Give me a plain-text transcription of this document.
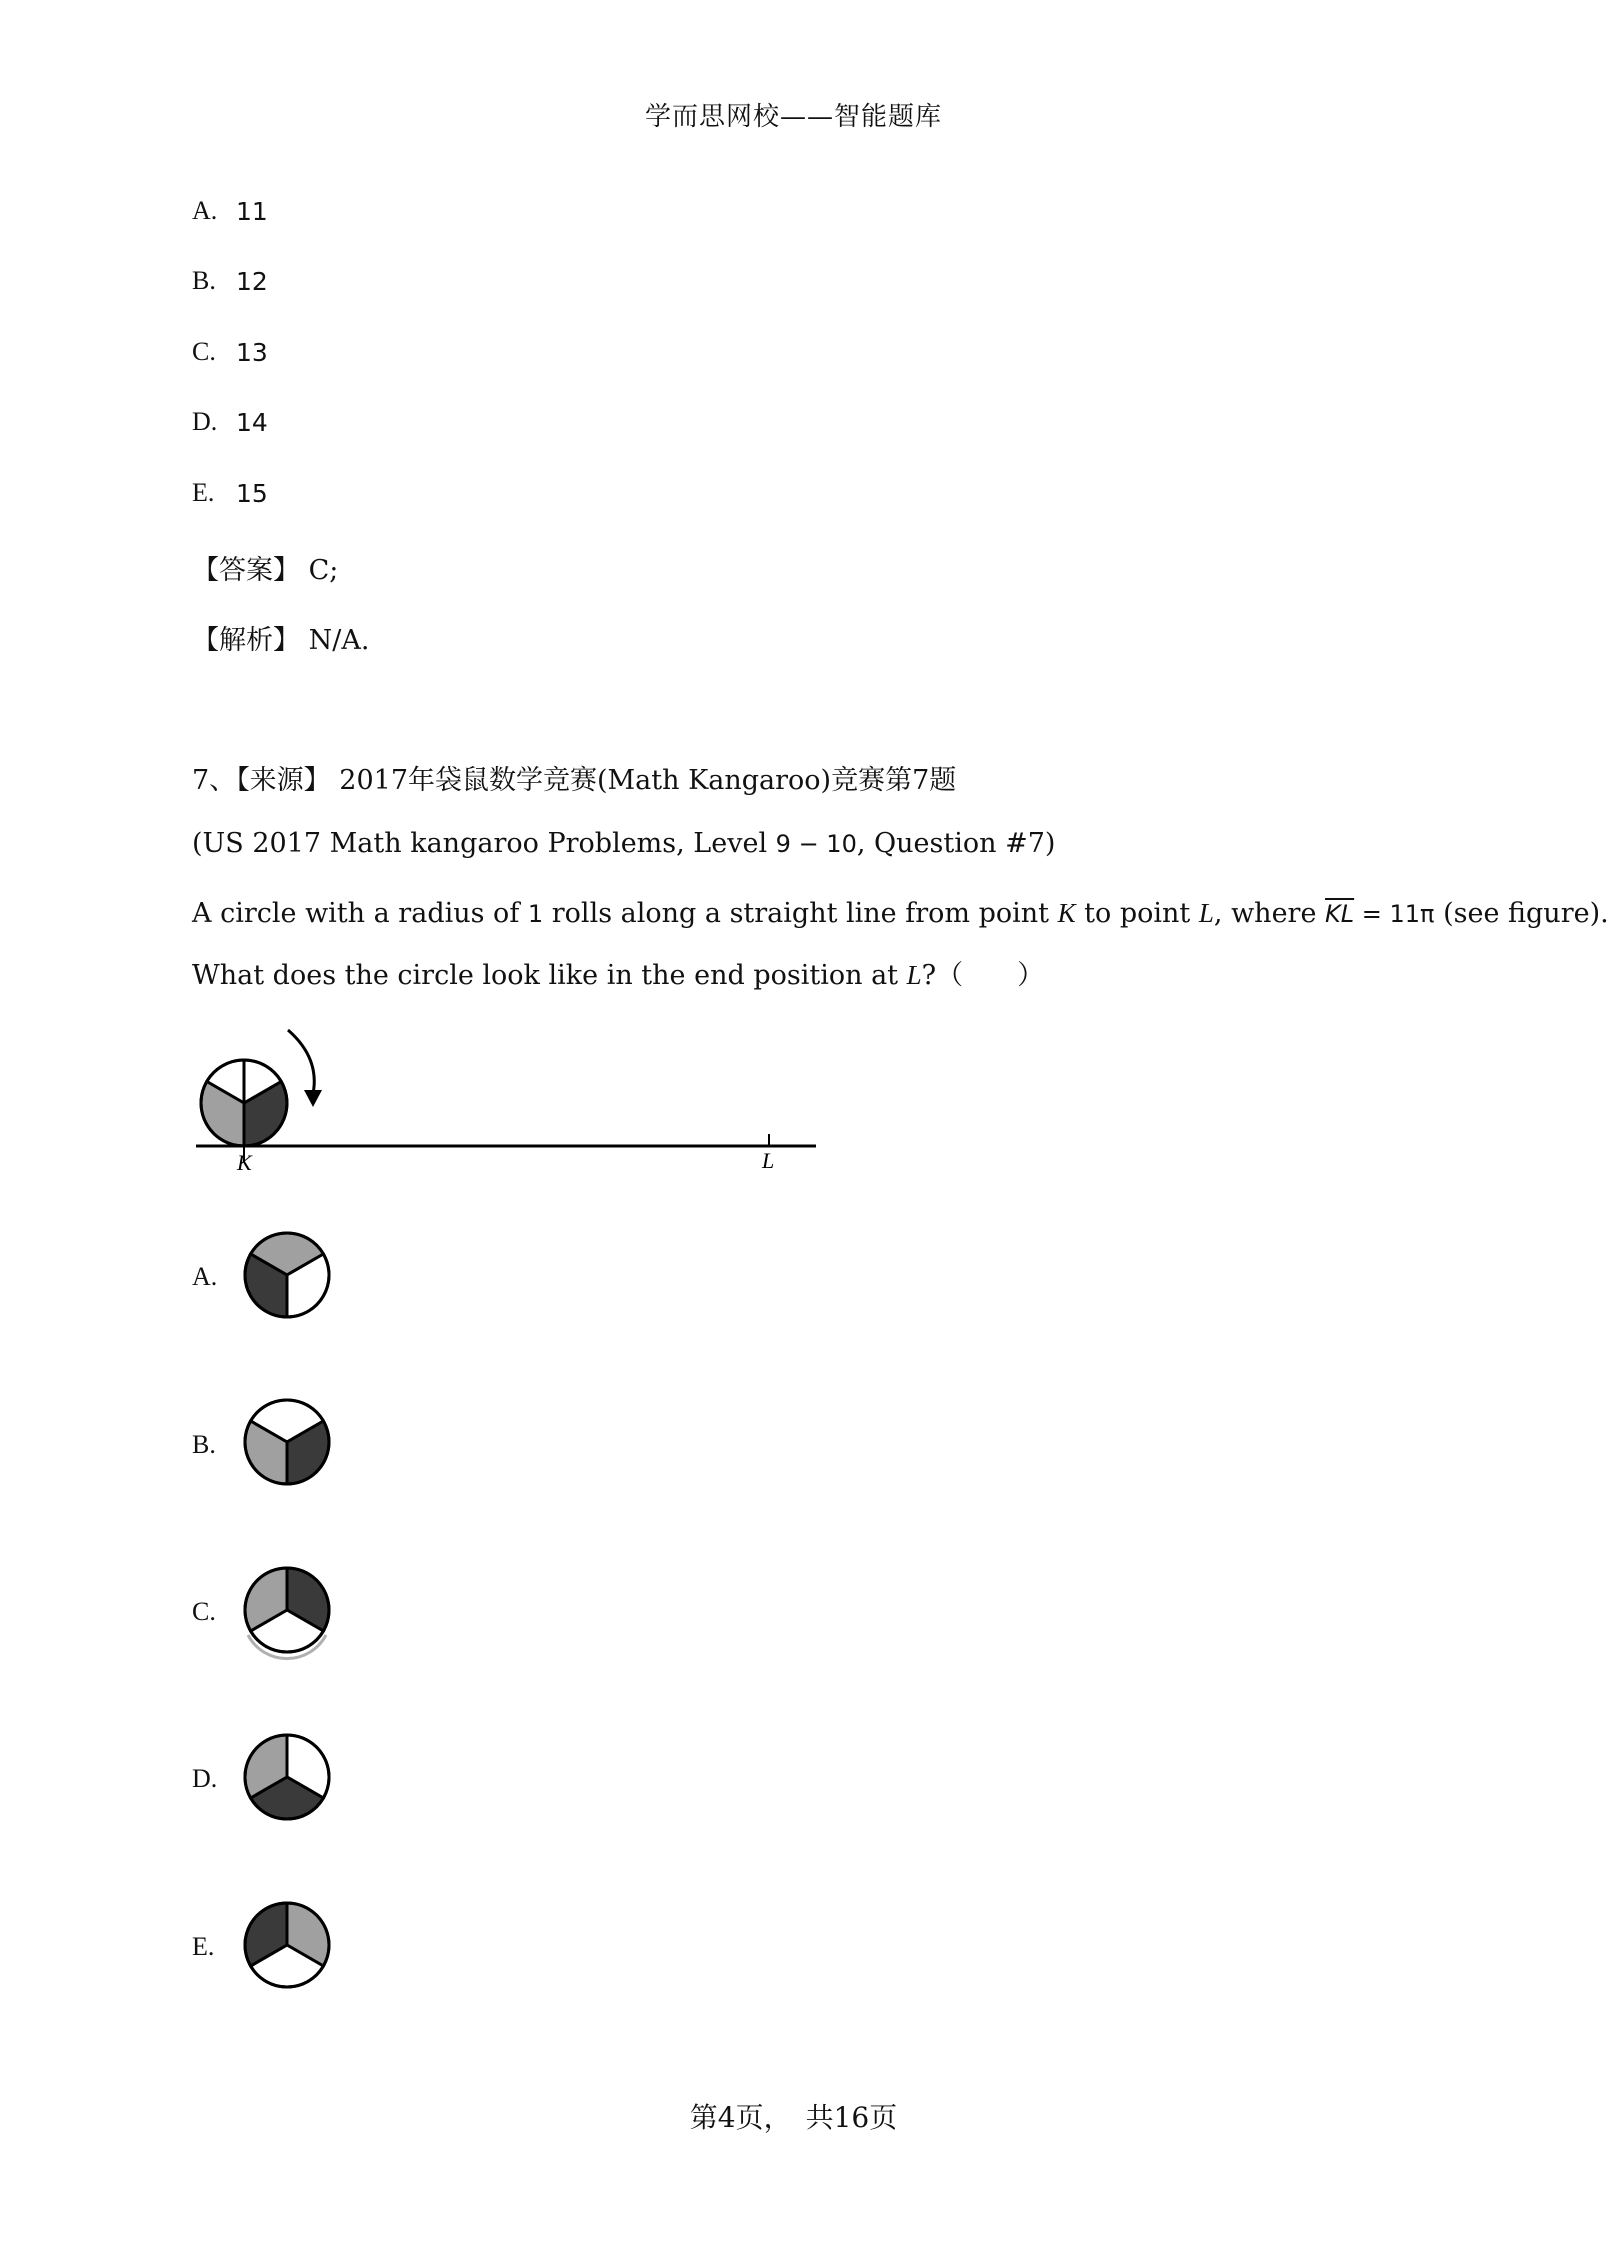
学而思网校——智能题库
A. 11
B. 12
C. 13
D. 14
E. 15
【答案】 C;
【解析】 N/A.
7、【来源】 2017年袋鼠数学竞赛(Math Kangaroo)竞赛第7题
(US 2017 Math kangaroo Problems, Level 9 − 10, Question #7)
A circle with a radius of 1 rolls along a straight line from point K to point L, where $\overline{KL} = 11\pi$ (see figure).
What does the circle look like in the end position at L?（　　）
K	L
A.
B.
C.
D.
E.
第4页，　共16页
